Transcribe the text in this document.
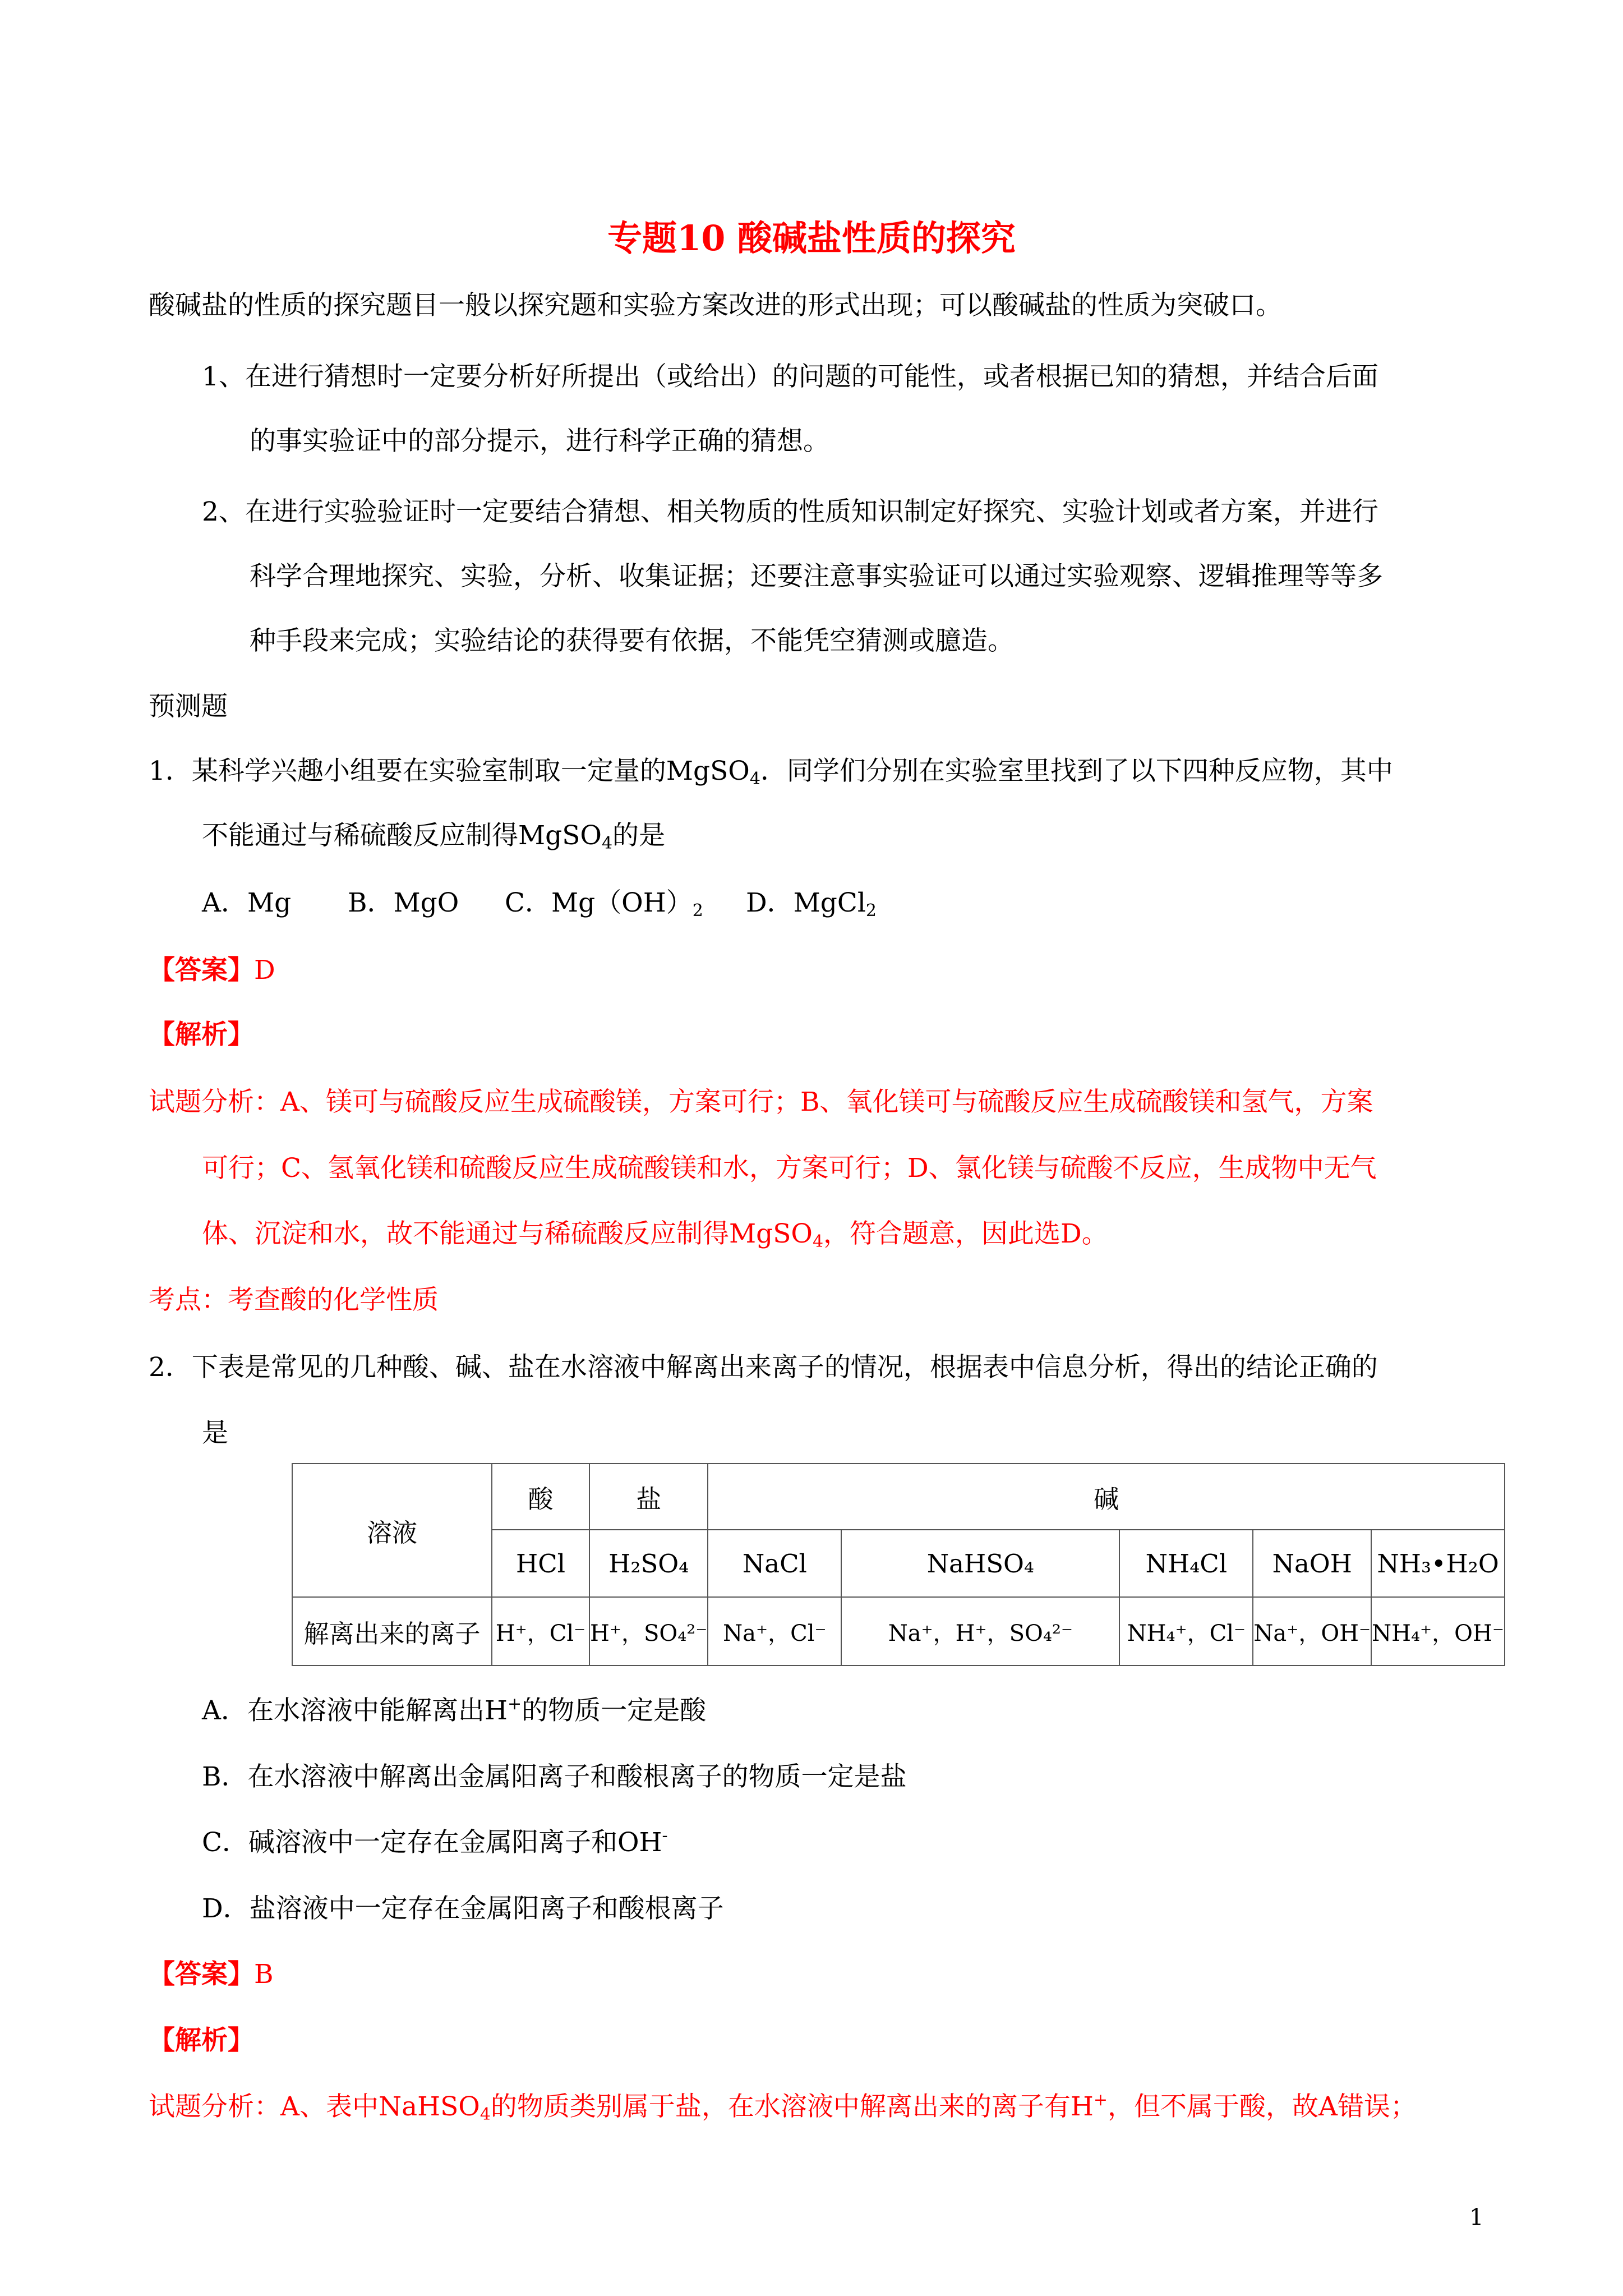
专题10 酸碱盐性质的探究
酸碱盐的性质的探究题目一般以探究题和实验方案改进的形式出现；可以酸碱盐的性质为突破口。
1、在进行猜想时一定要分析好所提出（或给出）的问题的可能性，或者根据已知的猜想，并结合后面
的事实验证中的部分提示，进行科学正确的猜想。
2、在进行实验验证时一定要结合猜想、相关物质的性质知识制定好探究、实验计划或者方案，并进行
科学合理地探究、实验，分析、收集证据；还要注意事实验证可以通过实验观察、逻辑推理等等多
种手段来完成；实验结论的获得要有依据，不能凭空猜测或臆造。
预测题
1．某科学兴趣小组要在实验室制取一定量的MgSO$_4$．同学们分别在实验室里找到了以下四种反应物，其中
不能通过与稀硫酸反应制得MgSO$_4$的是
A．Mg B．MgO C．$Mg(OH)_2$ D．MgCl$_2$
【答案】D
【解析】
试题分析：A、镁可与硫酸反应生成硫酸镁，方案可行；B、氧化镁可与硫酸反应生成硫酸镁和氢气，方案
可行；C、氢氧化镁和硫酸反应生成硫酸镁和水，方案可行；D、氯化镁与硫酸不反应，生成物中无气
体、沉淀和水，故不能通过与稀硫酸反应制得MgSO$_4$，符合题意，因此选D。
考点：考查酸的化学性质
2．下表是常见的几种酸、碱、盐在水溶液中解离出来离子的情况，根据表中信息分析，得出的结论正确的
是
溶液	酸	盐	碱				
	HCl	H₂SO₄	NaCl	NaHSO₄	NH₄Cl	NaOH	NH₃•H₂O
解离出来的离子	H⁺，Cl⁻	H⁺，SO₄²⁻	Na⁺，Cl⁻	Na⁺，H⁺，SO₄²⁻	NH₄⁺，Cl⁻	Na⁺，OH⁻	NH₄⁺，OH⁻
A．在水溶液中能解离出H+的物质一定是酸
B．在水溶液中解离出金属阳离子和酸根离子的物质一定是盐
C．碱溶液中一定存在金属阳离子和OH-
D．盐溶液中一定存在金属阳离子和酸根离子
【答案】B
【解析】
试题分析：A、表中NaHSO$_4$的物质类别属于盐，在水溶液中解离出来的离子有H+，但不属于酸，故A错误；
1
